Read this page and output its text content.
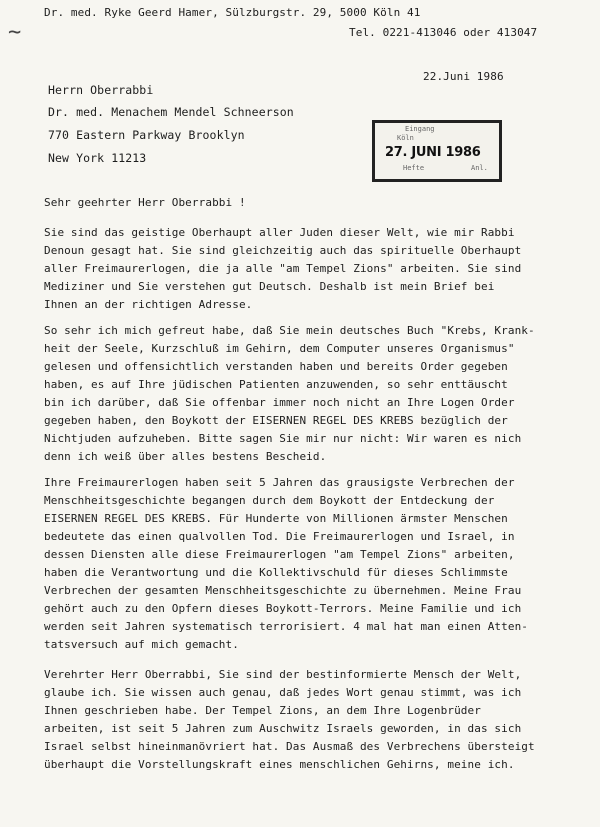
~
Dr. med. Ryke Geerd Hamer, Sülzburgstr. 29, 5000 Köln 41
Tel. 0221-413046 oder 413047
22.Juni 1986
Herrn Oberrabbi
Dr. med. Menachem Mendel Schneerson
770 Eastern Parkway Brooklyn
New York 11213
Eingang
Köln
27. JUNI 1986
Hefte	Anl.
Sehr geehrter Herr Oberrabbi !
Sie sind das geistige Oberhaupt aller Juden dieser Welt, wie mir Rabbi
Denoun gesagt hat. Sie sind gleichzeitig auch das spirituelle Oberhaupt
aller Freimaurerlogen, die ja alle "am Tempel Zions" arbeiten. Sie sind
Mediziner und Sie verstehen gut Deutsch. Deshalb ist mein Brief bei
Ihnen an der richtigen Adresse.
So sehr ich mich gefreut habe, daß Sie mein deutsches Buch "Krebs, Krank-
heit der Seele, Kurzschluß im Gehirn, dem Computer unseres Organismus"
gelesen und offensichtlich verstanden haben und bereits Order gegeben
haben, es auf Ihre jüdischen Patienten anzuwenden, so sehr enttäuscht
bin ich darüber, daß Sie offenbar immer noch nicht an Ihre Logen Order
gegeben haben, den Boykott der EISERNEN REGEL DES KREBS bezüglich der
Nichtjuden aufzuheben. Bitte sagen Sie mir nur nicht: Wir waren es nich
denn ich weiß über alles bestens Bescheid.
Ihre Freimaurerlogen haben seit 5 Jahren das grausigste Verbrechen der
Menschheitsgeschichte begangen durch dem Boykott der Entdeckung der
EISERNEN REGEL DES KREBS. Für Hunderte von Millionen ärmster Menschen
bedeutete das einen qualvollen Tod. Die Freimaurerlogen und Israel, in
dessen Diensten alle diese Freimaurerlogen "am Tempel Zions" arbeiten,
haben die Verantwortung und die Kollektivschuld für dieses Schlimmste
Verbrechen der gesamten Menschheitsgeschichte zu übernehmen. Meine Frau
gehört auch zu den Opfern dieses Boykott-Terrors. Meine Familie und ich
werden seit Jahren systematisch terrorisiert. 4 mal hat man einen Atten-
tatsversuch auf mich gemacht.
Verehrter Herr Oberrabbi, Sie sind der bestinformierte Mensch der Welt,
glaube ich. Sie wissen auch genau, daß jedes Wort genau stimmt, was ich
Ihnen geschrieben habe. Der Tempel Zions, an dem Ihre Logenbrüder
arbeiten, ist seit 5 Jahren zum Auschwitz Israels geworden, in das sich
Israel selbst hineinmanövriert hat. Das Ausmaß des Verbrechens übersteigt
überhaupt die Vorstellungskraft eines menschlichen Gehirns, meine ich.
